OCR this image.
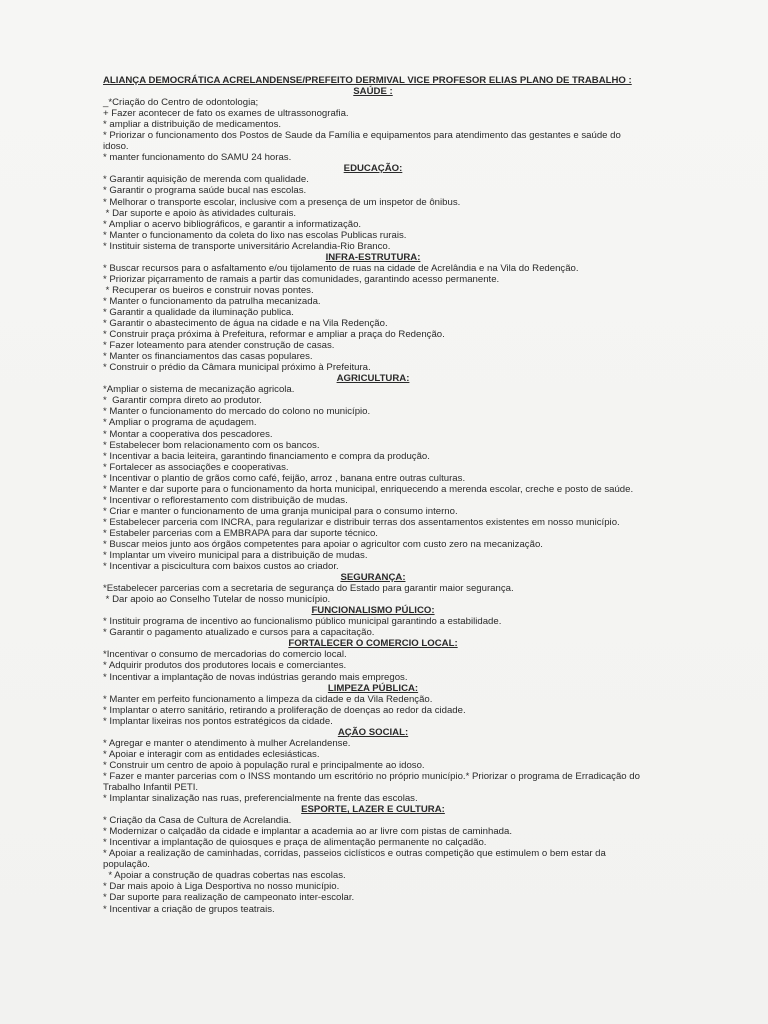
ALIANÇA DEMOCRÁTICA ACRELANDENSE/PREFEITO DERMIVAL VICE PROFESOR ELIAS PLANO DE TRABALHO :

SAÚDE :

_*Criação do Centro de odontologia;

+ Fazer acontecer de fato os exames de ultrassonografia.

* ampliar a distribuição de medicamentos.

* Priorizar o funcionamento dos Postos de Saude da Família e equipamentos para atendimento das gestantes e saúde do idoso.

* manter funcionamento do SAMU 24 horas.

EDUCAÇÃO:

* Garantir aquisição de merenda com qualidade.

* Garantir o programa saúde bucal nas escolas.

* Melhorar o transporte escolar, inclusive com a presença de um inspetor de ônibus.

* Dar suporte e apoio às atividades culturais.

* Ampliar o acervo bibliográficos, e garantir a informatização.

* Manter o funcionamento da coleta do lixo nas escolas Publicas rurais.

* Instituir sistema de transporte universitário Acrelandia-Rio Branco.

INFRA-ESTRUTURA:

* Buscar recursos para o asfaltamento e/ou tijolamento de ruas na cidade de Acrelândia e na Vila do Redenção.

* Priorizar piçarramento de ramais a partir das comunidades, garantindo acesso permanente.

* Recuperar os bueiros e construir novas pontes.

* Manter o funcionamento da patrulha mecanizada.

* Garantir a qualidade da iluminação publica.

* Garantir o abastecimento de água na cidade e na Vila Redenção.

* Construir praça próxima à Prefeitura, reformar e ampliar a praça do Redenção.

* Fazer loteamento para atender construção de casas.

* Manter os financiamentos das casas populares.

* Construir o prédio da Câmara municipal próximo à Prefeitura.

AGRICULTURA:

*Ampliar o sistema de mecanização agricola.

*  Garantir compra direto ao produtor.

* Manter o funcionamento do mercado do colono no município.

* Ampliar o programa de açudagem.

* Montar a cooperativa dos pescadores.

* Estabelecer bom relacionamento com os bancos.

* Incentivar a bacia leiteira, garantindo financiamento e compra da produção.

* Fortalecer as associações e cooperativas.

* Incentivar o plantio de grãos como café, feijão, arroz , banana entre outras culturas.

* Manter e dar suporte para o funcionamento da horta municipal, enriquecendo a merenda escolar, creche e posto de saúde.

* Incentivar o reflorestamento com distribuição de mudas.

* Criar e manter o funcionamento de uma granja municipal para o consumo interno.

* Estabelecer parceria com INCRA, para regularizar e distribuir terras dos assentamentos existentes em nosso município.

* Estabeler parcerias com a EMBRAPA para dar suporte técnico.

* Buscar meios junto aos órgãos competentes para apoiar o agricultor com custo zero na mecanização.

* Implantar um viveiro municipal para a distribuição de mudas.

* Incentivar a piscicultura com baixos custos ao criador.

SEGURANÇA:

*Estabelecer parcerias com a secretaria de segurança do Estado para garantir maior segurança.

* Dar apoio ao Conselho Tutelar de nosso município.

FUNCIONALISMO PÚLICO:

* Instituir programa de incentivo ao funcionalismo público municipal garantindo a estabilidade.

* Garantir o pagamento atualizado e cursos para a capacitação.

FORTALECER O COMERCIO LOCAL:

*Incentivar o consumo de mercadorias do comercio local.

* Adquirir produtos dos produtores locais e comerciantes.

* Incentivar a implantação de novas indústrias gerando mais empregos.

LIMPEZA PÚBLICA:

* Manter em perfeito funcionamento a limpeza da cidade e da Vila Redenção.

* Implantar o aterro sanitário, retirando a proliferação de doenças ao redor da cidade.

* Implantar lixeiras nos pontos estratégicos da cidade.

AÇÃO SOCIAL:

* Agregar e manter o atendimento à mulher Acrelandense.

* Apoiar e interagir com as entidades eclesiásticas.

* Construir um centro de apoio à população rural e principalmente ao idoso.

* Fazer e manter parcerias com o INSS montando um escritório no próprio município.* Priorizar o programa de Erradicação do Trabalho Infantil PETI.

* Implantar sinalização nas ruas, preferencialmente na frente das escolas.

ESPORTE, LAZER E CULTURA:

* Criação da Casa de Cultura de Acrelandia.

* Modernizar o calçadão da cidade e implantar a academia ao ar livre com pistas de caminhada.

* Incentivar a implantação de quiosques e praça de alimentação permanente no calçadão.

* Apoiar a realização de caminhadas, corridas, passeios ciclísticos e outras competição que estimulem o bem estar da população.

* Apoiar a construção de quadras cobertas nas escolas.

* Dar mais apoio à Liga Desportiva no nosso município.

* Dar suporte para realização de campeonato inter-escolar.

* Incentivar a criação de grupos teatrais.
